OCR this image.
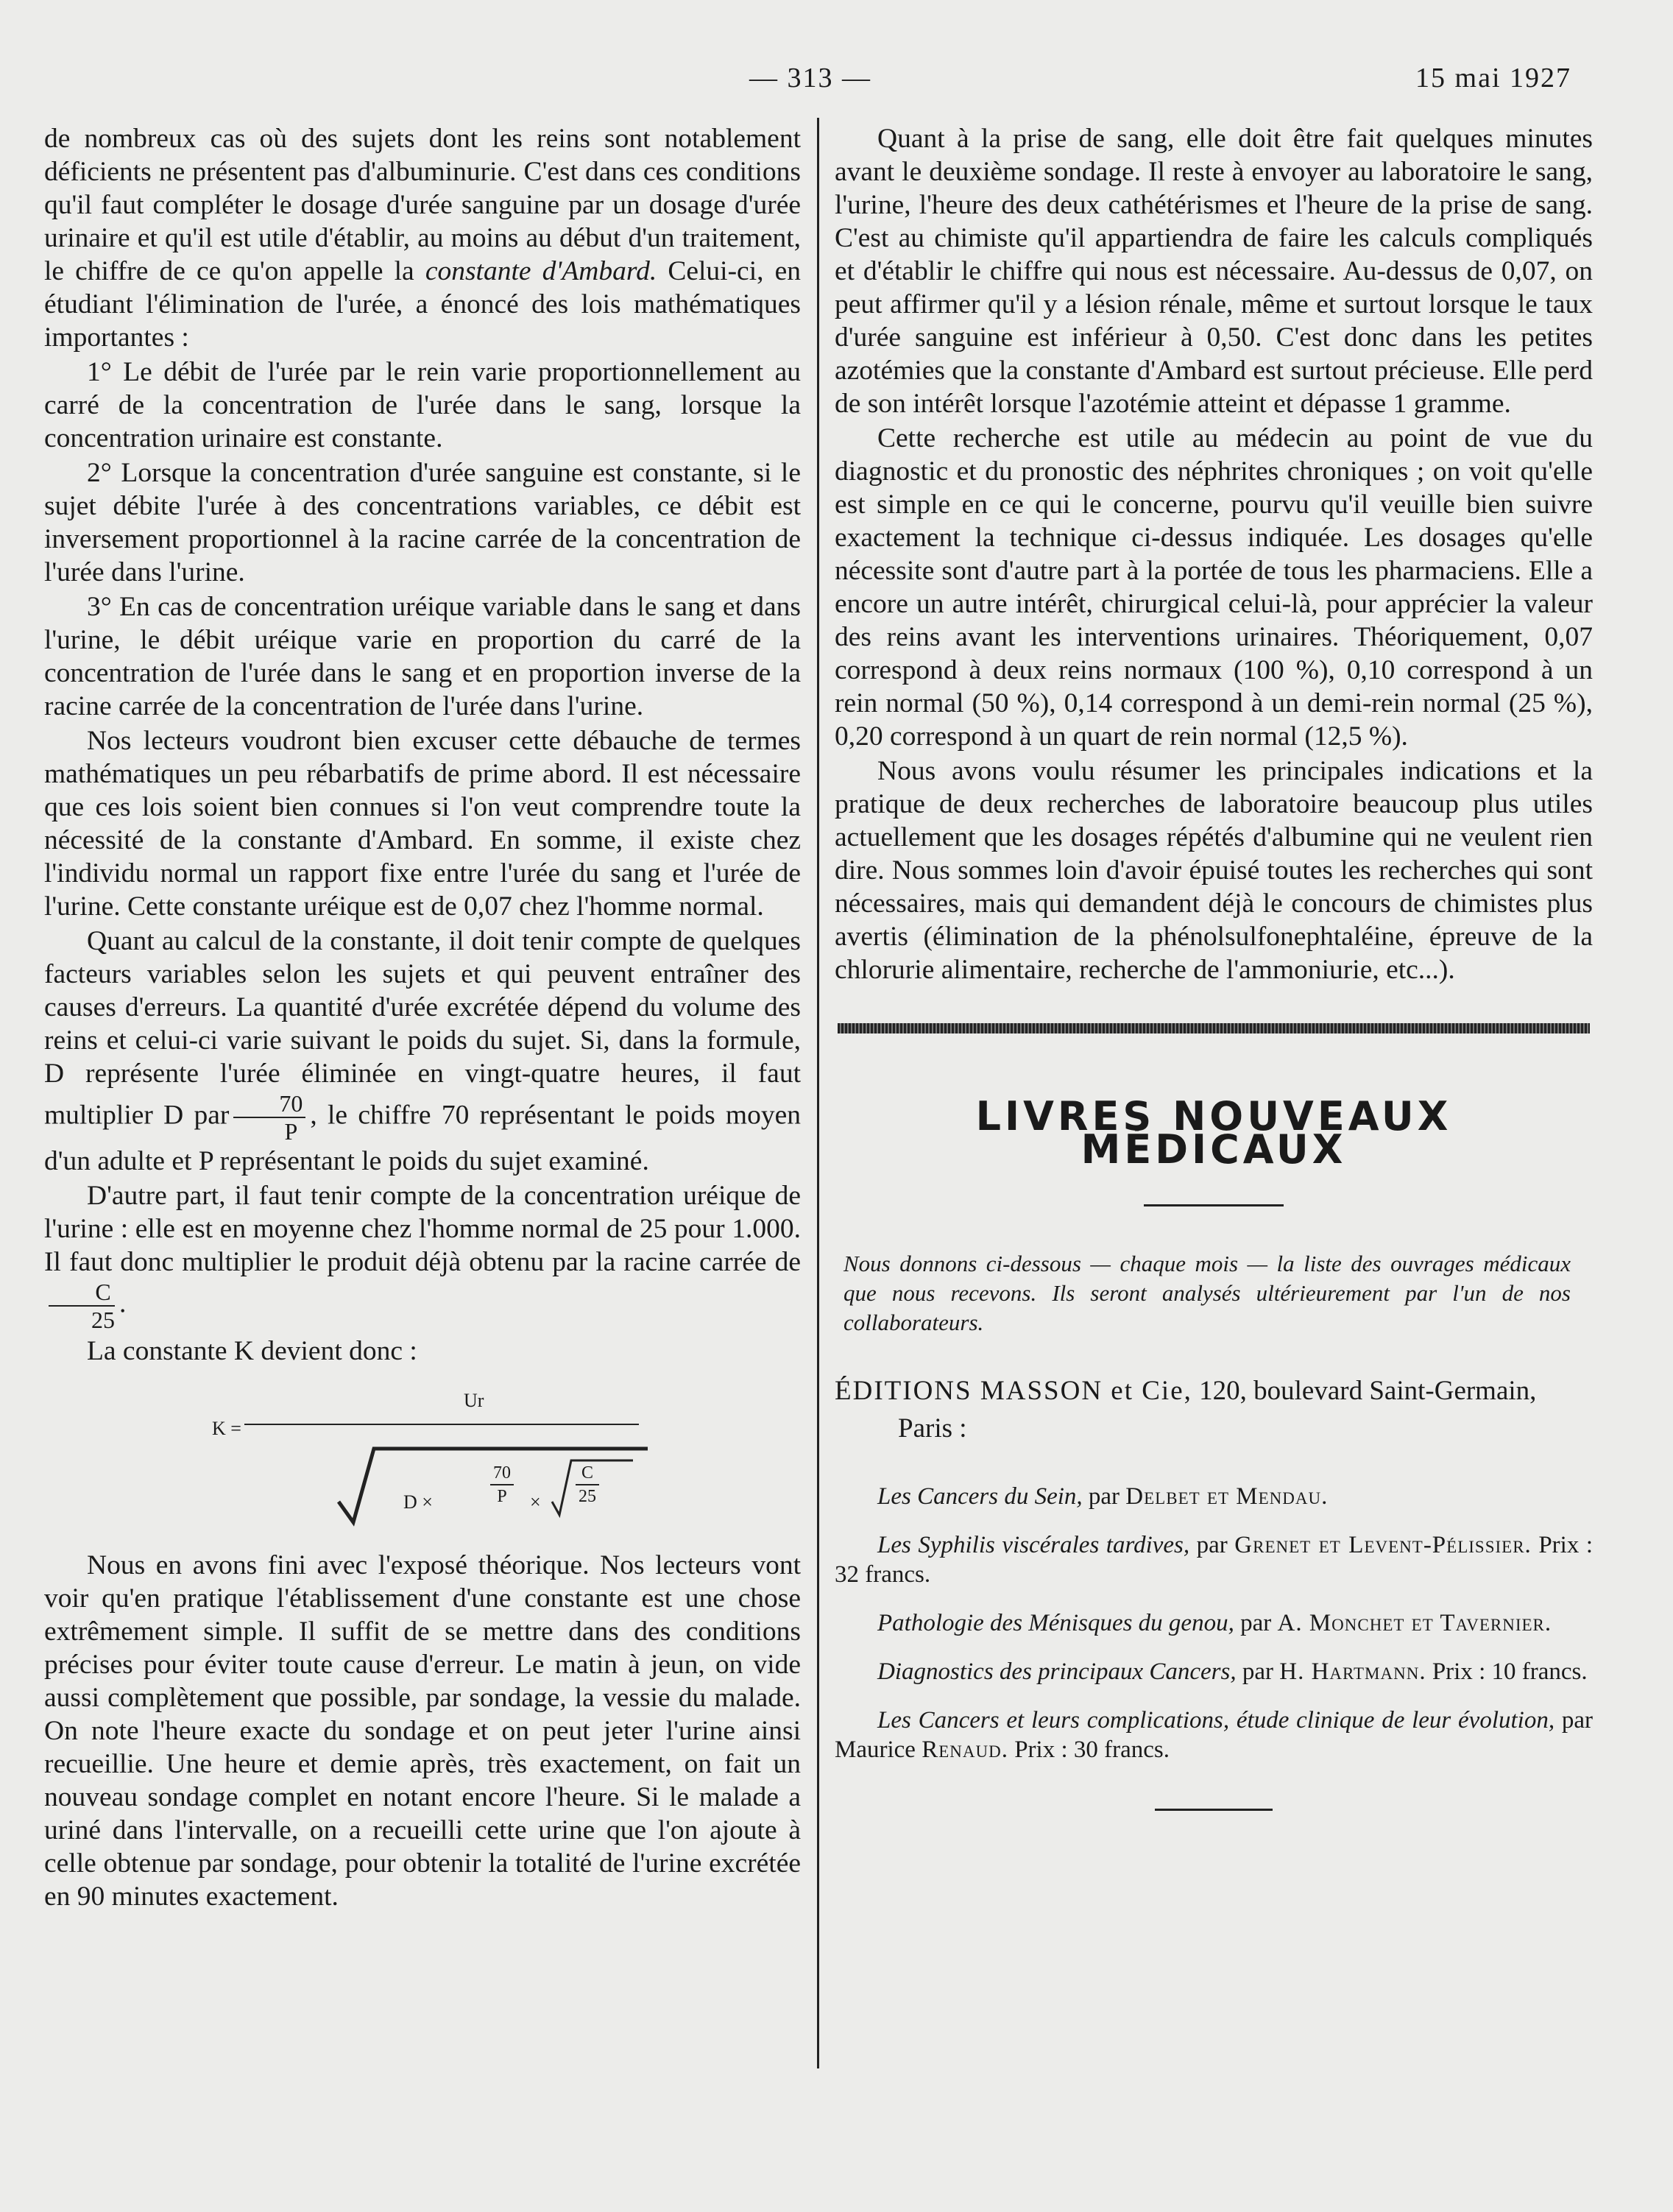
— 313 —	15 mai 1927

de nombreux cas où des sujets dont les reins sont notablement déficients ne présentent pas d'albuminurie. C'est dans ces conditions qu'il faut compléter le dosage d'urée sanguine par un dosage d'urée urinaire et qu'il est utile d'établir, au moins au début d'un traitement, le chiffre de ce qu'on appelle la constante d'Ambard. Celui-ci, en étudiant l'élimination de l'urée, a énoncé des lois mathématiques importantes :

1° Le débit de l'urée par le rein varie proportionnellement au carré de la concentration de l'urée dans le sang, lorsque la concentration urinaire est constante.

2° Lorsque la concentration d'urée sanguine est constante, si le sujet débite l'urée à des concentrations variables, ce débit est inversement proportionnel à la racine carrée de la concentration de l'urée dans l'urine.

3° En cas de concentration uréique variable dans le sang et dans l'urine, le débit uréique varie en proportion du carré de la concentration de l'urée dans le sang et en proportion inverse de la racine carrée de la concentration de l'urée dans l'urine.

Nos lecteurs voudront bien excuser cette débauche de termes mathématiques un peu rébarbatifs de prime abord. Il est nécessaire que ces lois soient bien connues si l'on veut comprendre toute la nécessité de la constante d'Ambard. En somme, il existe chez l'individu normal un rapport fixe entre l'urée du sang et l'urée de l'urine. Cette constante uréique est de 0,07 chez l'homme normal.

Quant au calcul de la constante, il doit tenir compte de quelques facteurs variables selon les sujets et qui peuvent entraîner des causes d'erreurs. La quantité d'urée excrétée dépend du volume des reins et celui-ci varie suivant le poids du sujet. Si, dans la formule, D représente l'urée éliminée en vingt-quatre heures, il faut multiplier D par $\frac{70}{P}$ , le chiffre 70 représentant le poids moyen d'un adulte et P représentant le poids du sujet examiné.

D'autre part, il faut tenir compte de la concentration uréique de l'urine : elle est en moyenne chez l'homme normal de 25 pour 1.000. Il faut donc multiplier le produit déjà obtenu par la racine carrée de
$\frac{C}{25}$ .

La constante K devient donc :

K =
Ur
D ×	$\frac{70}{P} \times \frac{C}{25}$

Nous en avons fini avec l'exposé théorique. Nos lecteurs vont voir qu'en pratique l'établissement d'une constante est une chose extrêmement simple. Il suffit de se mettre dans des conditions précises pour éviter toute cause d'erreur. Le matin à jeun, on vide aussi complètement que possible, par sondage, la vessie du malade. On note l'heure exacte du sondage et on peut jeter l'urine ainsi recueillie. Une heure et demie après, très exactement, on fait un nouveau sondage complet en notant encore l'heure. Si le malade a uriné dans l'intervalle, on a recueilli cette urine que l'on ajoute à celle obtenue par sondage, pour obtenir la totalité de l'urine excrétée en 90 minutes exactement.

Quant à la prise de sang, elle doit être fait quelques minutes avant le deuxième sondage. Il reste à envoyer au laboratoire le sang, l'urine, l'heure des deux cathétérismes et l'heure de la prise de sang. C'est au chimiste qu'il appartiendra de faire les calculs compliqués et d'établir le chiffre qui nous est nécessaire. Au-dessus de 0,07, on peut affirmer qu'il y a lésion rénale, même et surtout lorsque le taux d'urée sanguine est inférieur à 0,50. C'est donc dans les petites azotémies que la constante d'Ambard est surtout précieuse. Elle perd de son intérêt lorsque l'azotémie atteint et dépasse 1 gramme.

Cette recherche est utile au médecin au point de vue du diagnostic et du pronostic des néphrites chroniques ; on voit qu'elle est simple en ce qui le concerne, pourvu qu'il veuille bien suivre exactement la technique ci-dessus indiquée. Les dosages qu'elle nécessite sont d'autre part à la portée de tous les pharmaciens. Elle a encore un autre intérêt, chirurgical celui-là, pour apprécier la valeur des reins avant les interventions urinaires. Théoriquement, 0,07 correspond à deux reins normaux (100 %), 0,10 correspond à un rein normal (50 %), 0,14 correspond à un demi-rein normal (25 %), 0,20 correspond à un quart de rein normal (12,5 %).

Nous avons voulu résumer les principales indications et la pratique de deux recherches de laboratoire beaucoup plus utiles actuellement que les dosages répétés d'albumine qui ne veulent rien dire. Nous sommes loin d'avoir épuisé toutes les recherches qui sont nécessaires, mais qui demandent déjà le concours de chimistes plus avertis (élimination de la phénolsulfonephtaléine, épreuve de la chlorurie alimentaire, recherche de l'ammoniurie, etc...).

LIVRES NOUVEAUX MÉDICAUX
Nous donnons ci-dessous — chaque mois — la liste des ouvrages médicaux que nous recevons. Ils seront analysés ultérieurement par l'un de nos collaborateurs.
ÉDITIONS MASSON et Cie, 120, boulevard Saint-Germain,
Paris :
Les Cancers du Sein, par Delbet et Mendau.
Les Syphilis viscérales tardives, par Grenet et Levent-Pélissier. Prix : 32 francs.
Pathologie des Ménisques du genou, par A. Monchet et Tavernier.
Diagnostics des principaux Cancers, par H. Hartmann. Prix : 10 francs.
Les Cancers et leurs complications, étude clinique de leur évolution, par Maurice Renaud. Prix : 30 francs.
